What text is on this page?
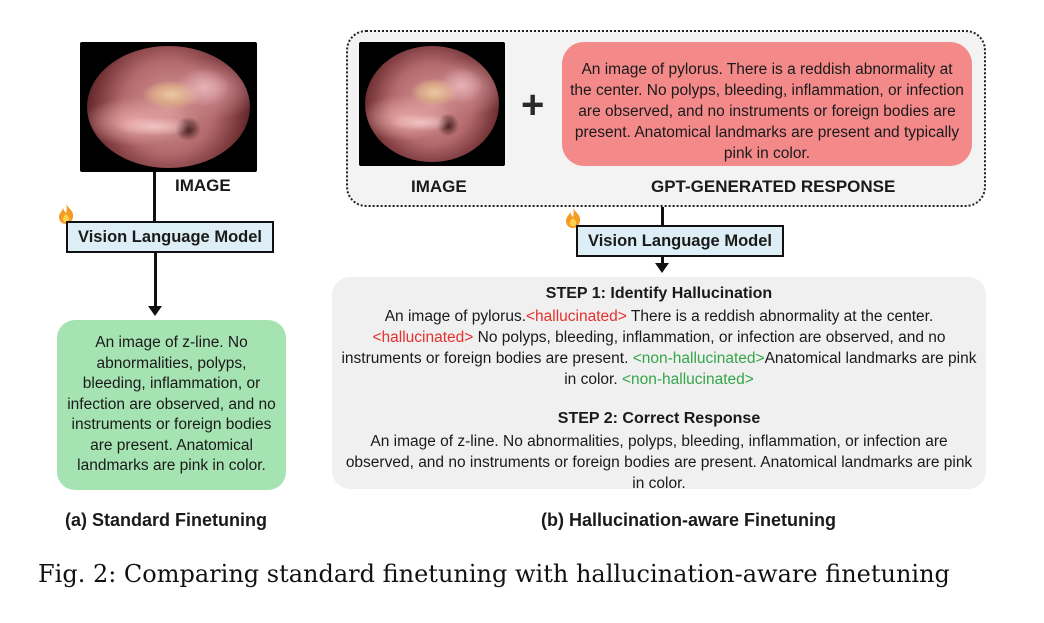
IMAGE
Vision Language Model
An image of z-line. No abnormalities, polyps, bleeding, inflammation, or infection are observed, and no instruments or foreign bodies are present. Anatomical landmarks are pink in color.
(a) Standard Finetuning
+
An image of pylorus. There is a reddish abnormality at the center. No polyps, bleeding, inflammation, or infection are observed, and no instruments or foreign bodies are present. Anatomical landmarks are present and typically pink in color.
IMAGE	GPT-GENERATED RESPONSE
Vision Language Model
STEP 1: Identify Hallucination
An image of pylorus.<hallucinated> There is a reddish abnormality at the center.
<hallucinated> No polyps, bleeding, inflammation, or infection are observed, and no instruments or foreign bodies are present. <non-hallucinated>Anatomical landmarks are pink in color. <non-hallucinated>
STEP 2: Correct Response
An image of z-line. No abnormalities, polyps, bleeding, inflammation, or infection are observed, and no instruments or foreign bodies are present. Anatomical landmarks are pink in color.
(b) Hallucination-aware Finetuning
Fig. 2: Comparing standard finetuning with hallucination-aware finetuning
